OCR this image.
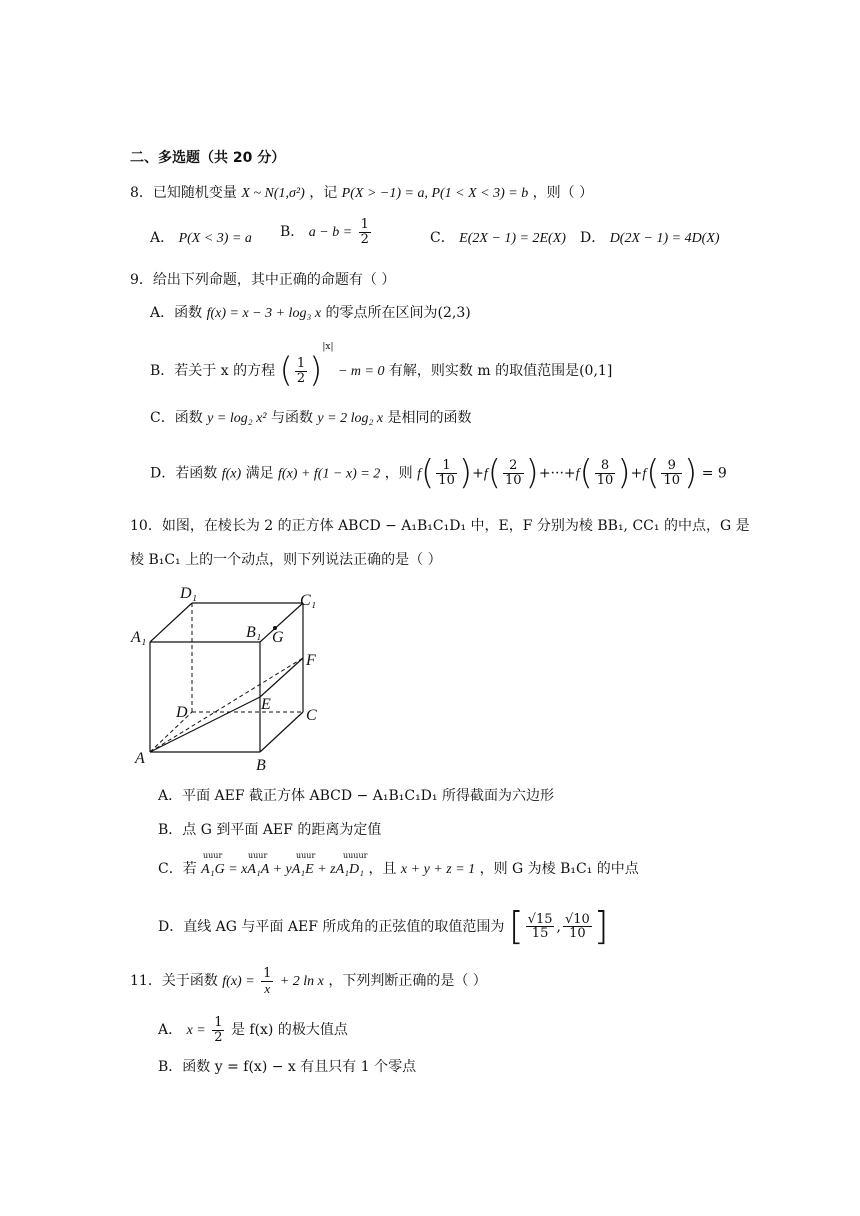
二、多选题（共 20 分）
8．已知随机变量 X ~ N(1,σ²) ，记 P(X > −1) = a, P(1 < X < 3) = b ，则（ ）
A． P(X < 3) = a B． $a - b = \frac{1}{2}$	C． E(2X − 1) = 2E(X) D． D(2X − 1) = 4D(X)
9．给出下列命题，其中正确的命题有（ ）
A．函数 f(x) = x − 3 + log₃ x 的零点所在区间为(2,3)
B．若关于 x 的方程 ( $\frac{1}{2} )^{|x|} - m = 0$ 有解，则实数 m 的取值范围是(0,1]
C．函数 y = log₂ x² 与函数 y = 2 log₂ x 是相同的函数
D．若函数 f(x) 满足 f(x) + f(1 − x) = 2 ，则 $f( \frac{1}{10} )+f( \frac{2}{10} )+\cdot\cdot\cdot+f( \frac{8}{10} )+f( \frac{9}{10}$ ) = 9
10．如图，在棱长为 2 的正方体 ABCD − A₁B₁C₁D₁ 中，E，F 分别为棱 BB₁, CC₁ 的中点，G 是
棱 B₁C₁ 上的一个动点，则下列说法正确的是（ ）
D₁	C₁
A₁	B₁ G
F
D	E
C
A	B
A．平面 AEF 截正方体 ABCD − A₁B₁C₁D₁ 所得截面为六边形
B．点 G 到平面 AEF 的距离为定值
C．若 A₁G = xA₁A + yA₁E + zA₁D₁ ，且 x + y + z = 1 ，则 G 为棱 B₁C₁ 的中点
uuur	uuur	uuur	uuuur
D．直线 AG 与平面 AEF 所成角的正弦值的取值范围为 [ $\frac{√15}{15}$ , $\frac{√10}{10}$ ]
11．关于函数 $f(x) = \frac{1}{x} + 2$ ln x ，下列判断正确的是（ ）
A． $x = \frac{1}{2}$ 是 f(x) 的极大值点
B．函数 y = f(x) − x 有且只有 1 个零点
